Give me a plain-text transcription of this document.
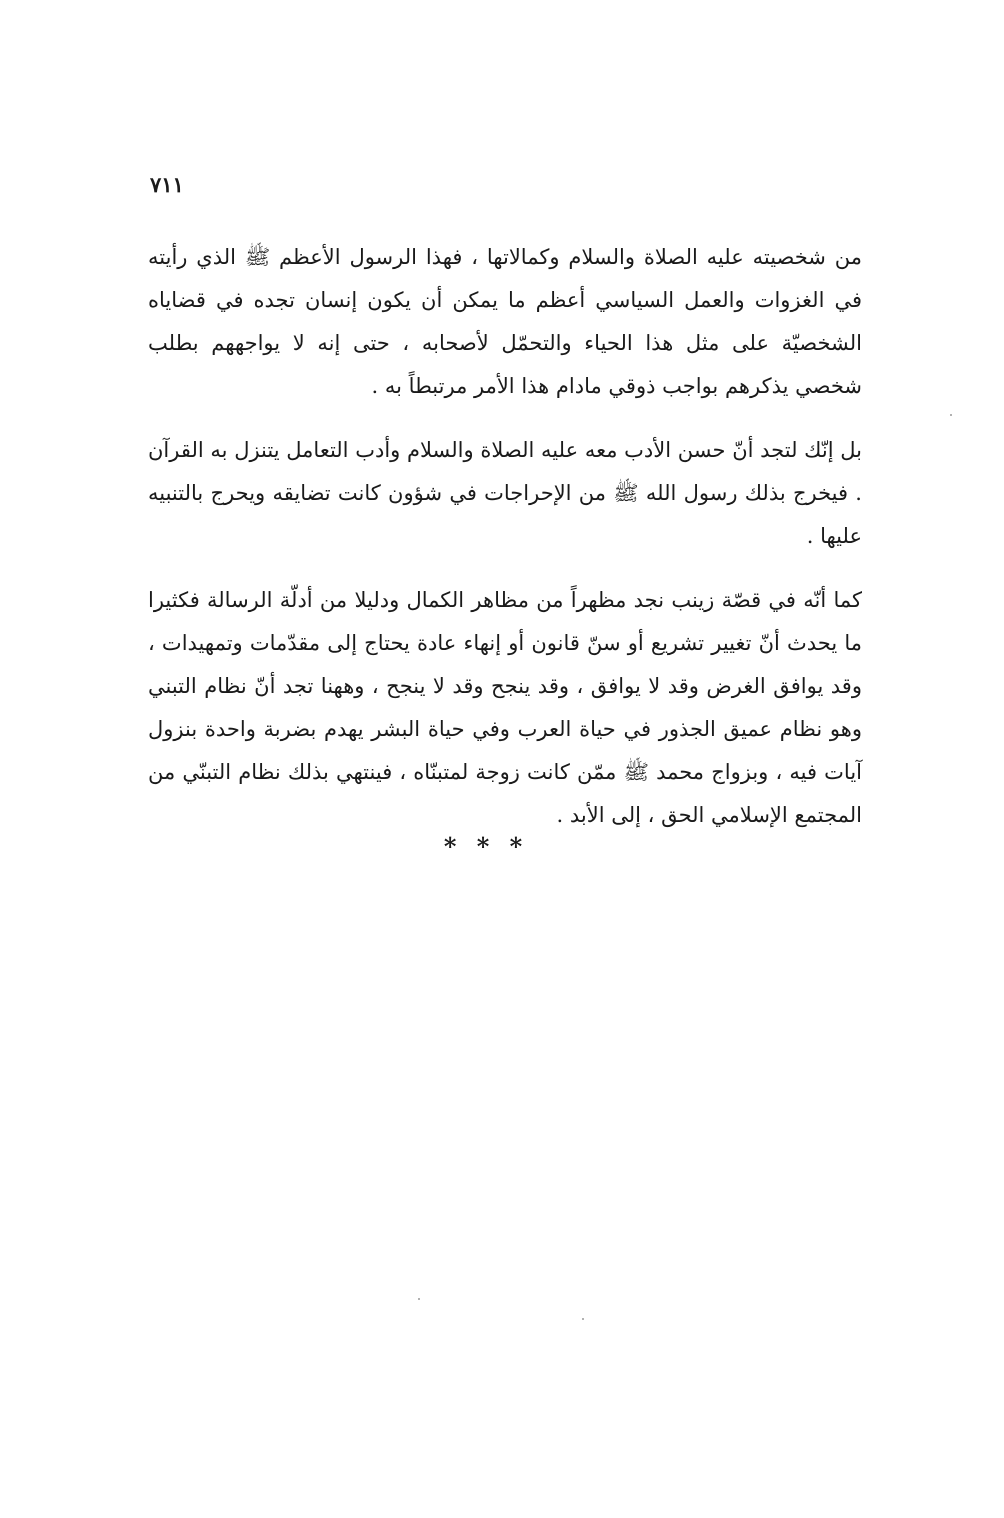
٧١١

من شخصيته عليه الصلاة والسلام وكمالاتها ، فهذا الرسول الأعظم ﷺ الذي رأيته في الغزوات والعمل السياسي أعظم ما يمكن أن يكون إنسان تجده في قضاياه الشخصيّة على مثل هذا الحياء والتحمّل لأصحابه ، حتى إنه لا يواجههم بطلب شخصي يذكرهم بواجب ذوقي مادام هذا الأمر مرتبطاً به .

بل إنّك لتجد أنّ حسن الأدب معه عليه الصلاة والسلام وأدب التعامل يتنزل به القرآن . فيخرج بذلك رسول الله ﷺ من الإحراجات في شؤون كانت تضايقه ويحرج بالتنبيه عليها .

كما أنّه في قصّة زينب نجد مظهراً من مظاهر الكمال ودليلا من أدلّة الرسالة فكثيرا ما يحدث أنّ تغيير تشريع أو سنّ قانون أو إنهاء عادة يحتاج إلى مقدّمات وتمهيدات ، وقد يوافق الغرض وقد لا يوافق ، وقد ينجح وقد لا ينجح ، وههنا تجد أنّ نظام التبني وهو نظام عميق الجذور في حياة العرب وفي حياة البشر يهدم بضربة واحدة بنزول آيات فيه ، وبزواج محمد ﷺ ممّن كانت زوجة لمتبنّاه ، فينتهي بذلك نظام التبنّي من المجتمع الإسلامي الحق ، إلى الأبد .

* * *
